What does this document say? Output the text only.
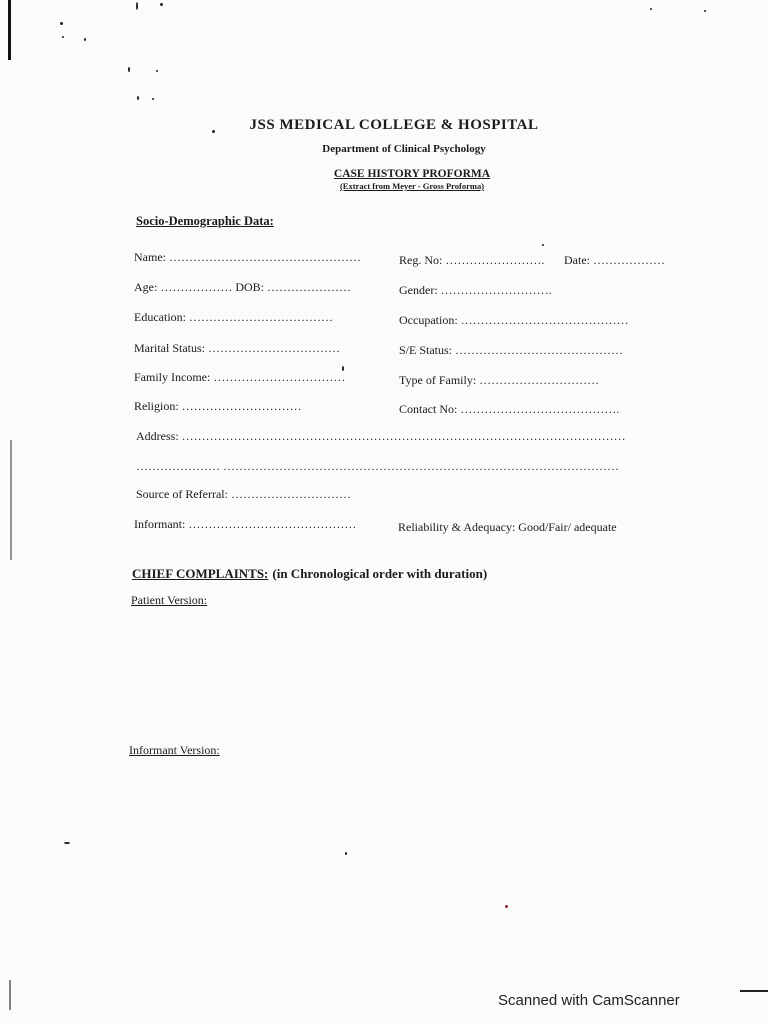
JSS MEDICAL COLLEGE & HOSPITAL
Department of Clinical Psychology
CASE HISTORY PROFORMA
(Extract from Meyer - Gross Proforma)
Socio-Demographic Data:
Name: …………………………………………	Reg. No: ……………………. Date: ………………
Age: ……………… DOB: …………………	Gender: ……………………….
Education: ………………………………	Occupation: ……………………………………
Marital Status: ……………………………	S/E Status: ……………………………………
Family Income: ……………………………	Type of Family: …………………………
Religion: …………………………	Contact No: ………………………………….
Address: …………………………………………………………………………………………………
………………… ………………………………………………………………………………………
Source of Referral: …………………………
Informant: ……………………………………	Reliability & Adequacy: Good/Fair/ adequate
CHIEF COMPLAINTS: (in Chronological order with duration)
Patient Version:
Informant Version:
Scanned with CamScanner
